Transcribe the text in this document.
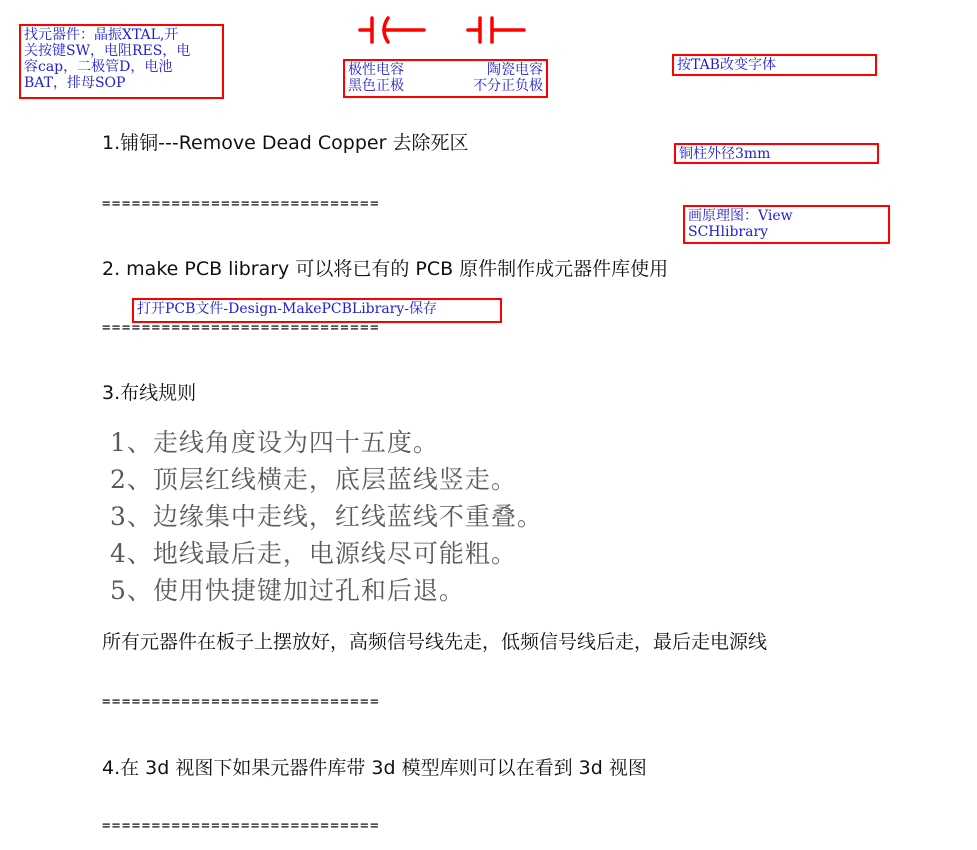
找元器件：晶振XTAL,开
关按键SW，电阻RES，电
容cap，二极管D，电池
BAT，排母SOP
极性电容	陶瓷电容
黑色正极	不分正负极
按TAB改变字体
铜柱外径3mm
画原理图：View
SCHlibrary
打开PCB文件-Design-MakePCBLibrary-保存
1.铺铜---Remove Dead Copper 去除死区
============================
2. make PCB library 可以将已有的 PCB 原件制作成元器件库使用
============================
3.布线规则
1、走线角度设为四十五度。
2、顶层红线横走，底层蓝线竖走。
3、边缘集中走线，红线蓝线不重叠。
4、地线最后走，电源线尽可能粗。
5、使用快捷键加过孔和后退。
所有元器件在板子上摆放好，高频信号线先走，低频信号线后走，最后走电源线
============================
4.在 3d 视图下如果元器件库带 3d 模型库则可以在看到 3d 视图
============================
